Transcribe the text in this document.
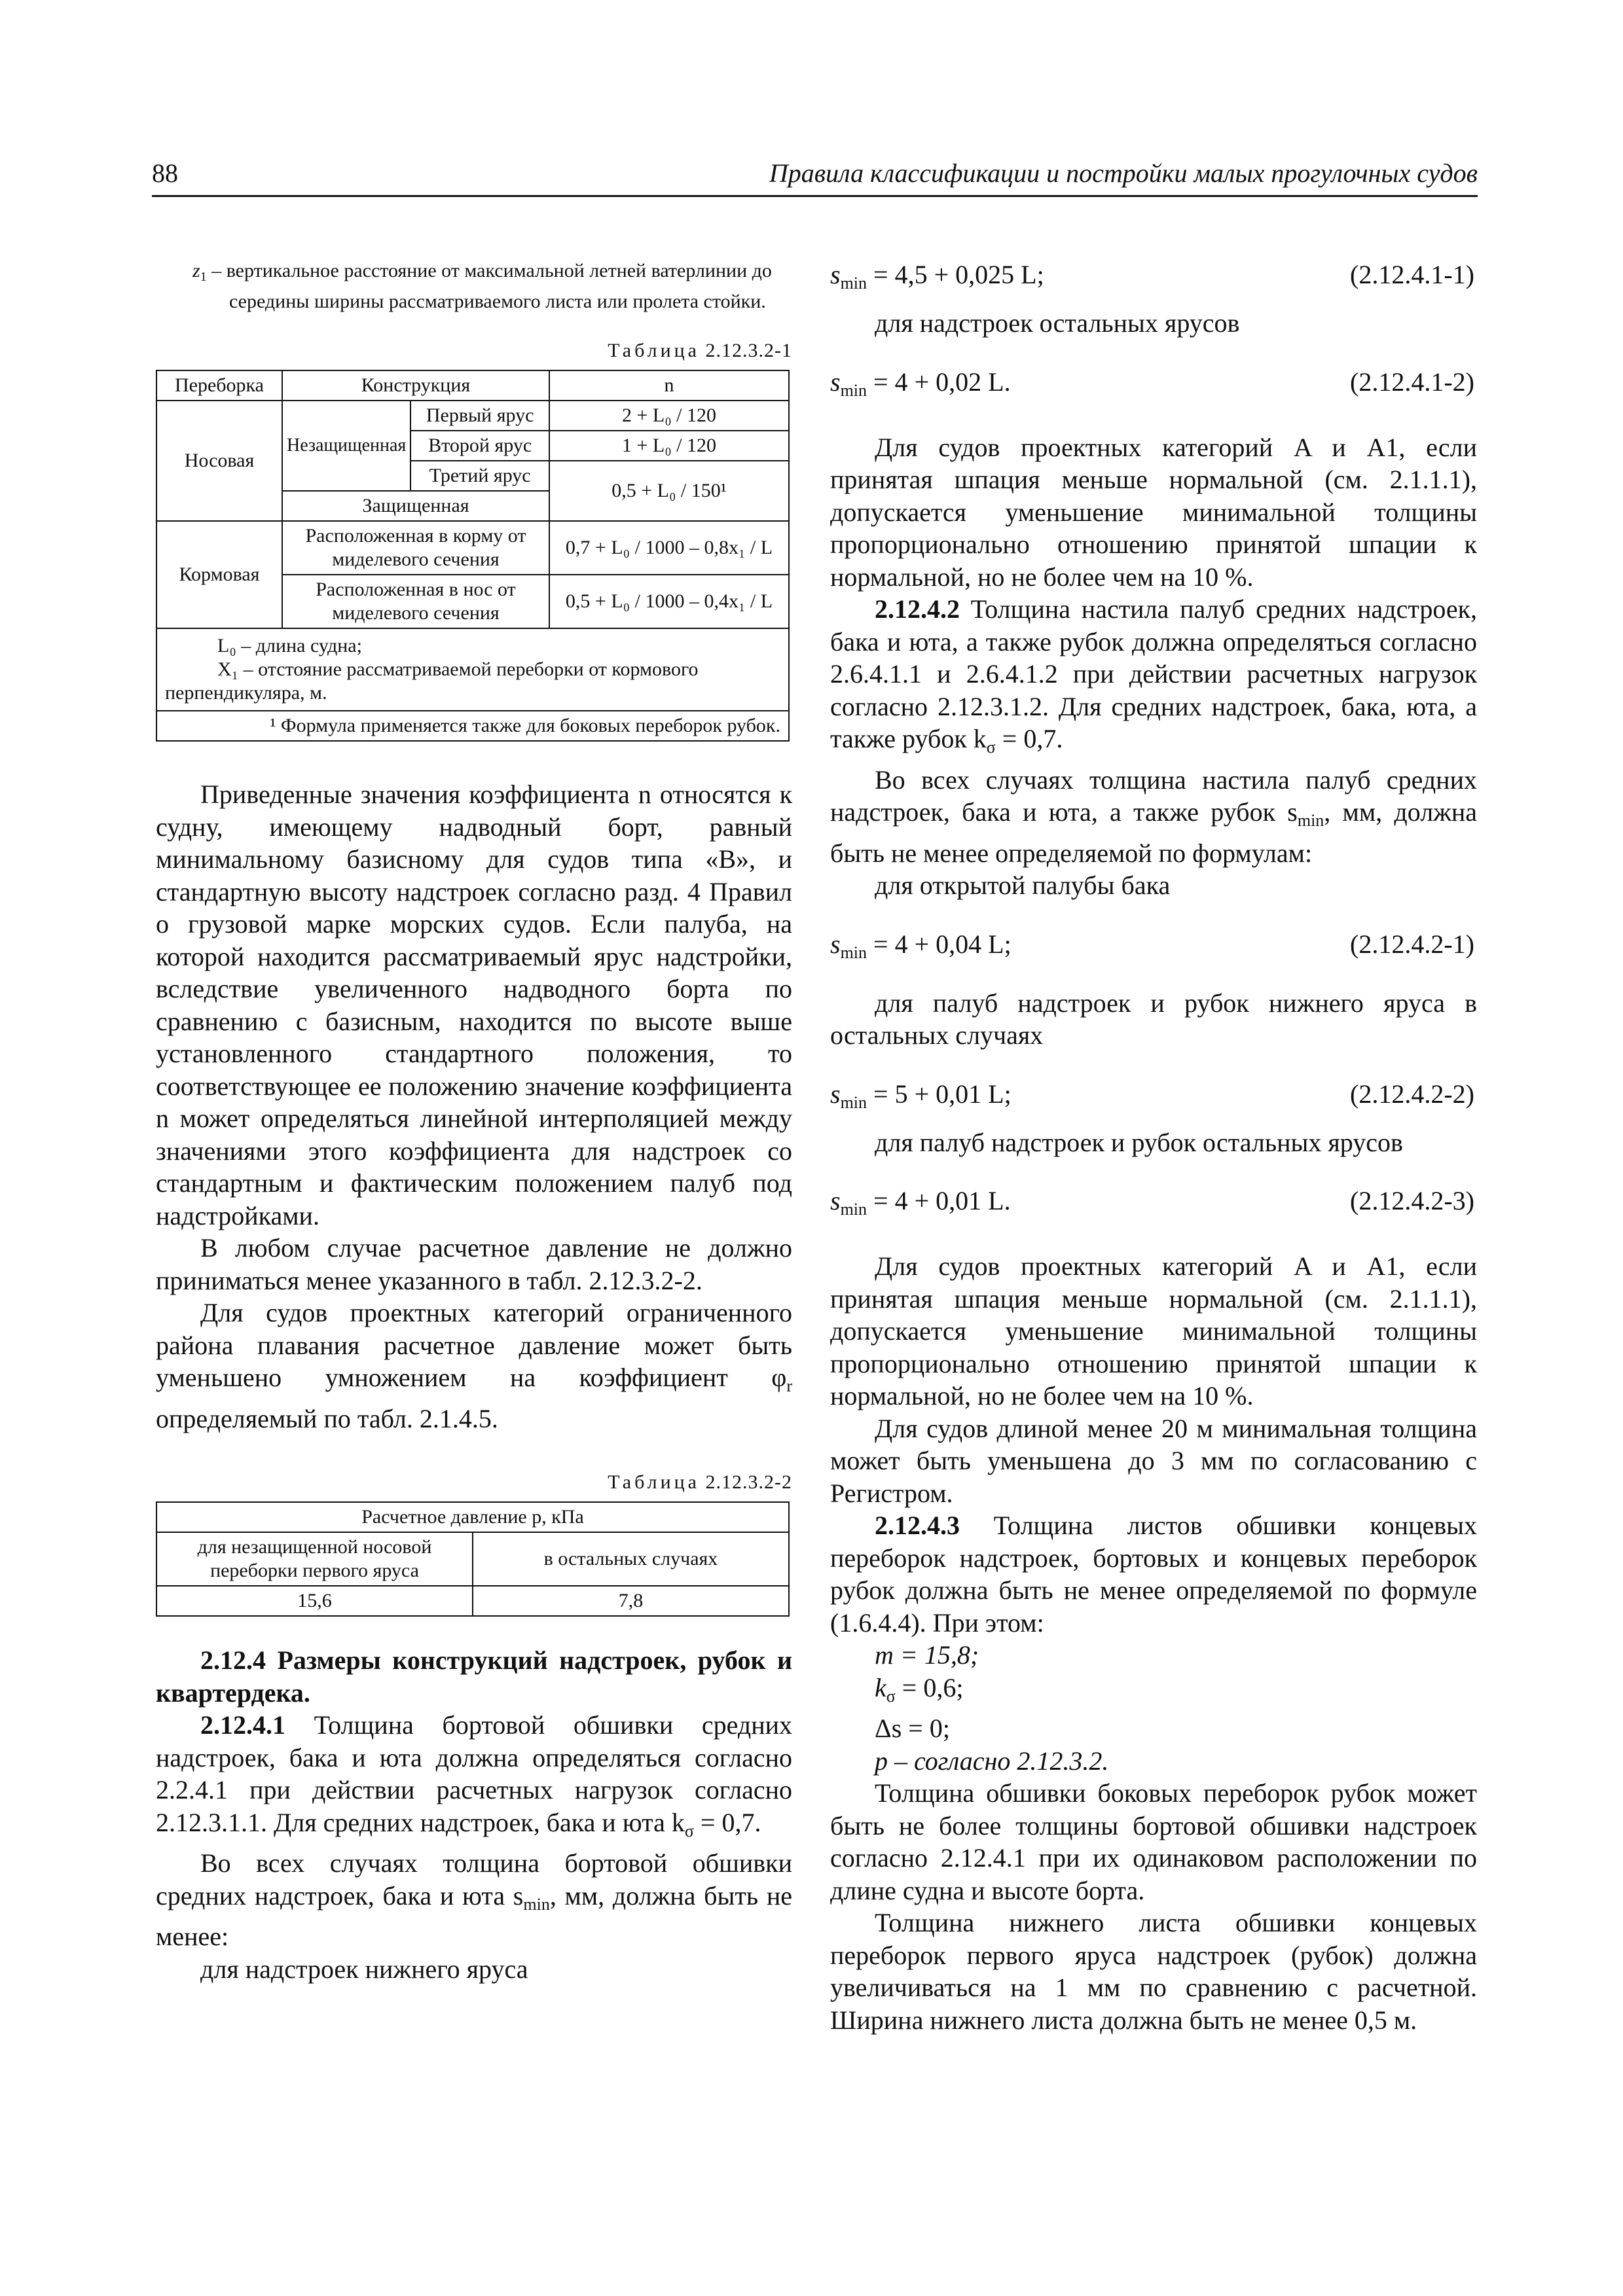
88	Правила классификации и постройки малых прогулочных судов
$z_1$ – вертикальное расстояние от максимальной летней ватерлинии до середины ширины рассматриваемого листа или пролета стойки.
Таблица 2.12.3.2-1
Переборка	Конструкция		n
Носовая	Незащищенная	Первый ярус	2 + L₀ / 120
		Второй ярус	1 + L₀ / 120
		Третий ярус	0,5 + L₀ / 150¹
	Защищенная		
Кормовая	Расположенная в корму от миделевого сечения		0,7 + L₀ / 1000 – 0,8x₁ / L
	Расположенная в нос от миделевого сечения		0,5 + L₀ / 1000 – 0,4x₁ / L

L₀ – длина судна;
X₁ – отстояние рассматриваемой переборки от кормового перпендикуляра, м.			

¹ Формула применяется также для боковых переборок рубок.			

Приведенные значения коэффициента n относятся к судну, имеющему надводный борт, равный минимальному базисному для судов типа «В», и стандартную высоту надстроек согласно разд. 4 Правил о грузовой марке морских судов. Если палуба, на которой находится рассматриваемый ярус надстройки, вследствие увеличенного надводного борта по сравнению с базисным, находится по высоте выше установленного стандартного положения, то соответствующее ее положению значение коэффициента n может определяться линейной интерполяцией между значениями этого коэффициента для надстроек со стандартным и фактическим положением палуб под надстройками.

В любом случае расчетное давление не должно приниматься менее указанного в табл. 2.12.3.2-2.

Для судов проектных категорий ограниченного района плавания расчетное давление может быть уменьшено умножением на коэффициент $\varphi_r$ определяемый по табл. 2.1.4.5.

Таблица 2.12.3.2-2
Расчетное давление p, кПа	
для незащищенной носовой переборки первого яруса	в остальных случаях
15,6	7,8
2.12.4 Размеры конструкций надстроек, рубок и квартердека.

2.12.4.1 Толщина бортовой обшивки средних надстроек, бака и юта должна определяться согласно 2.2.4.1 при действии расчетных нагрузок согласно 2.12.3.1.1. Для средних надстроек, бака и юта $k_\sigma = 0,7$.

Во всех случаях толщина бортовой обшивки средних надстроек, бака и юта $s_{min}$, мм, должна быть не менее:

для надстроек нижнего яруса

$s_{min} = 4,5 + 0,025$ L;	(2.12.4.1-1)

для надстроек остальных ярусов

$s_{min} = 4 + 0,02$ L.	(2.12.4.1-2)

Для судов проектных категорий A и A1, если принятая шпация меньше нормальной (см. 2.1.1.1), допускается уменьшение минимальной толщины пропорционально отношению принятой шпации к нормальной, но не более чем на 10 %.

2.12.4.2 Толщина настила палуб средних надстроек, бака и юта, а также рубок должна определяться согласно 2.6.4.1.1 и 2.6.4.1.2 при действии расчетных нагрузок согласно 2.12.3.1.2. Для средних надстроек, бака, юта, а также рубок $k_\sigma = 0,7$.

Во всех случаях толщина настила палуб средних надстроек, бака и юта, а также рубок $s_{min}$, мм, должна быть не менее определяемой по формулам:

для открытой палубы бака

$s_{min} = 4 + 0,04$ L;	(2.12.4.2-1)

для палуб надстроек и рубок нижнего яруса в остальных случаях

$s_{min} = 5 + 0,01$ L;	(2.12.4.2-2)

для палуб надстроек и рубок остальных ярусов

$s_{min} = 4 + 0,01$ L.	(2.12.4.2-3)

Для судов проектных категорий A и A1, если принятая шпация меньше нормальной (см. 2.1.1.1), допускается уменьшение минимальной толщины пропорционально отношению принятой шпации к нормальной, но не более чем на 10 %.

Для судов длиной менее 20 м минимальная толщина может быть уменьшена до 3 мм по согласованию с Регистром.

2.12.4.3 Толщина листов обшивки концевых переборок надстроек, бортовых и концевых переборок рубок должна быть не менее определяемой по формуле (1.6.4.4). При этом:

m = 15,8;
$k_\sigma = 0,6$;
Δs = 0;
p – согласно 2.12.3.2.

Толщина обшивки боковых переборок рубок может быть не более толщины бортовой обшивки надстроек согласно 2.12.4.1 при их одинаковом расположении по длине судна и высоте борта.

Толщина нижнего листа обшивки концевых переборок первого яруса надстроек (рубок) должна увеличиваться на 1 мм по сравнению с расчетной. Ширина нижнего листа должна быть не менее 0,5 м.
